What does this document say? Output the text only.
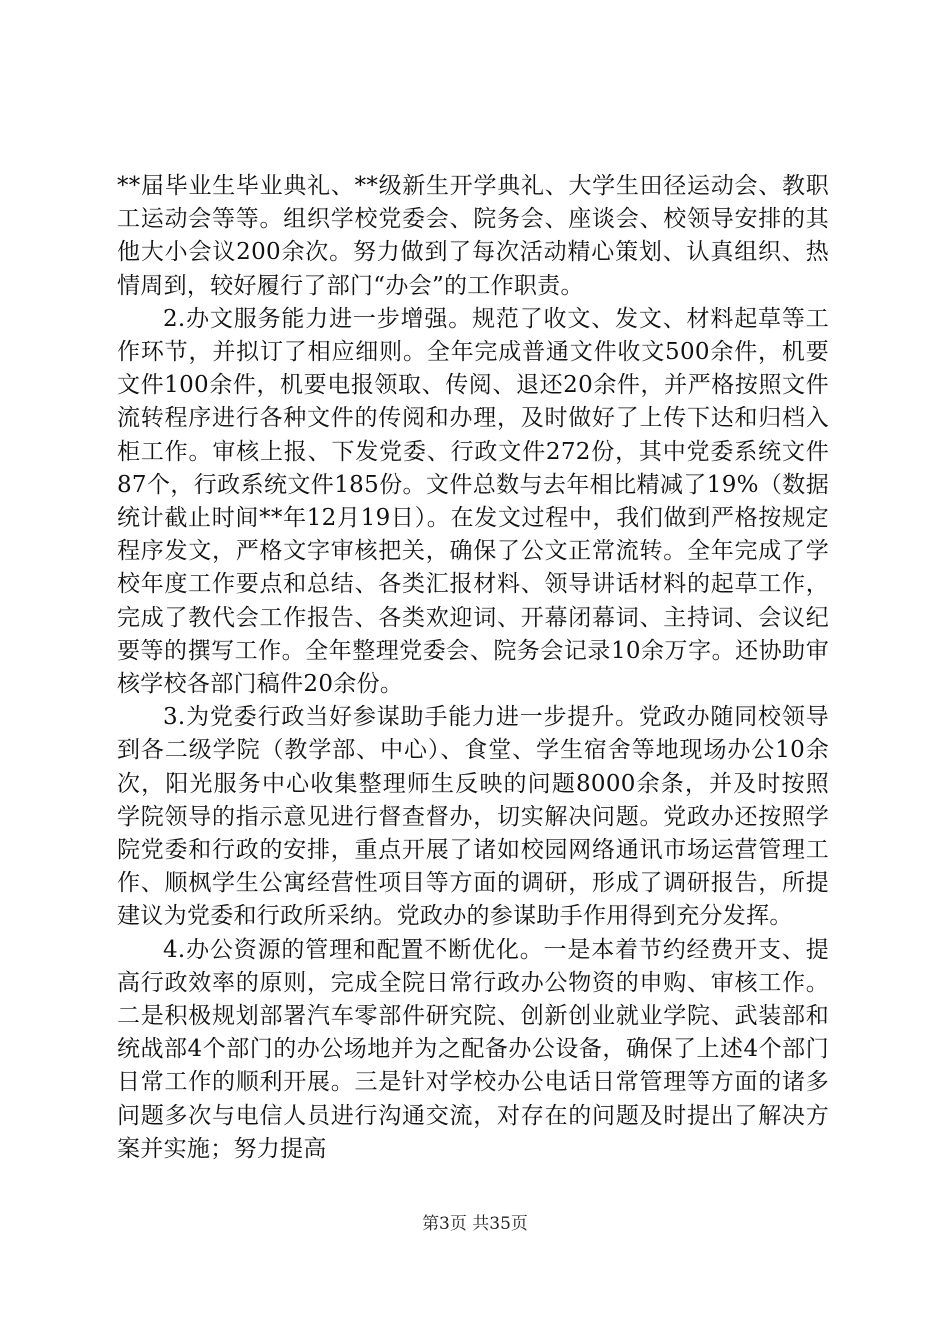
**届毕业生毕业典礼、**级新生开学典礼、大学生田径运动会、教职工运动会等等。组织学校党委会、院务会、座谈会、校领导安排的其他大小会议200余次。努力做到了每次活动精心策划、认真组织、热情周到，较好履行了部门“办会”的工作职责。

2.办文服务能力进一步增强。规范了收文、发文、材料起草等工作环节，并拟订了相应细则。全年完成普通文件收文500余件，机要文件100余件，机要电报领取、传阅、退还20余件，并严格按照文件流转程序进行各种文件的传阅和办理，及时做好了上传下达和归档入柜工作。审核上报、下发党委、行政文件272份，其中党委系统文件87个，行政系统文件185份。文件总数与去年相比精减了19%（数据统计截止时间**年12月19日）。在发文过程中，我们做到严格按规定程序发文，严格文字审核把关，确保了公文正常流转。全年完成了学校年度工作要点和总结、各类汇报材料、领导讲话材料的起草工作，完成了教代会工作报告、各类欢迎词、开幕闭幕词、主持词、会议纪要等的撰写工作。全年整理党委会、院务会记录10余万字。还协助审核学校各部门稿件20余份。

3.为党委行政当好参谋助手能力进一步提升。党政办随同校领导到各二级学院（教学部、中心）、食堂、学生宿舍等地现场办公10余次，阳光服务中心收集整理师生反映的问题8000余条，并及时按照学院领导的指示意见进行督查督办，切实解决问题。党政办还按照学院党委和行政的安排，重点开展了诸如校园网络通讯市场运营管理工作、顺枫学生公寓经营性项目等方面的调研，形成了调研报告，所提建议为党委和行政所采纳。党政办的参谋助手作用得到充分发挥。

4.办公资源的管理和配置不断优化。一是本着节约经费开支、提高行政效率的原则，完成全院日常行政办公物资的申购、审核工作。二是积极规划部署汽车零部件研究院、创新创业就业学院、武装部和统战部4个部门的办公场地并为之配备办公设备，确保了上述4个部门日常工作的顺利开展。三是针对学校办公电话日常管理等方面的诸多问题多次与电信人员进行沟通交流，对存在的问题及时提出了解决方案并实施；努力提高

第3页 共35页
